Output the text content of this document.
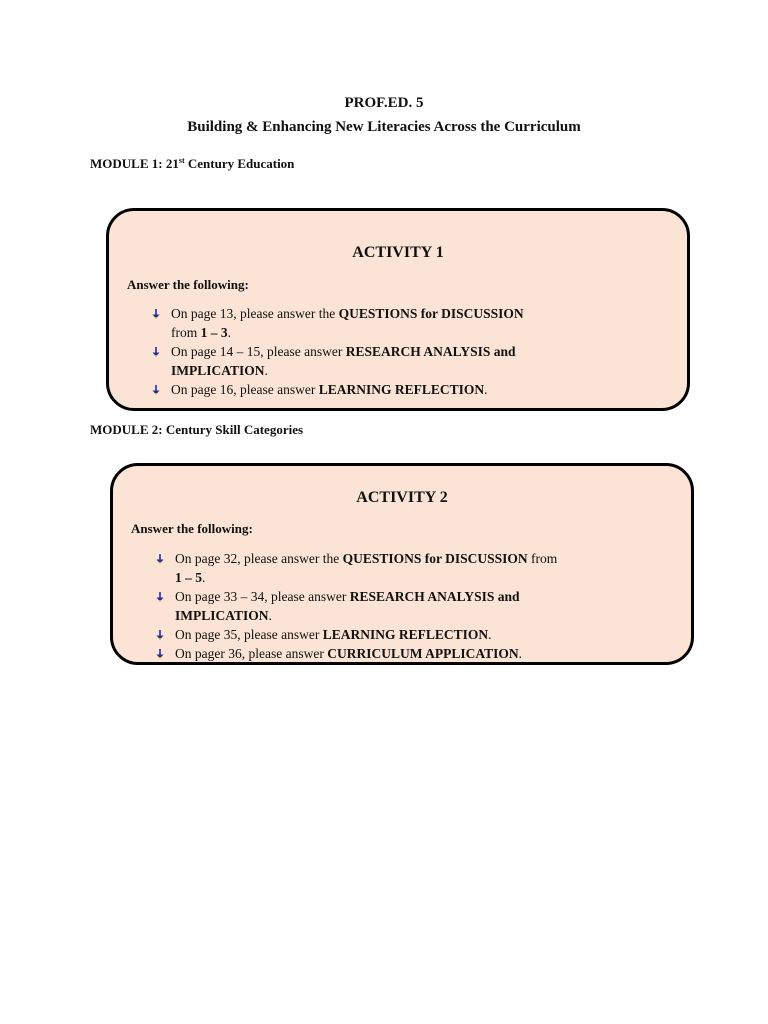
PROF.ED. 5
Building & Enhancing New Literacies Across the Curriculum
MODULE 1: 21st Century Education
ACTIVITY 1
Answer the following:
On page 13, please answer the QUESTIONS for DISCUSSION from 1 – 3.
On page 14 – 15, please answer RESEARCH ANALYSIS and IMPLICATION.
On page 16, please answer LEARNING REFLECTION.
MODULE 2: Century Skill Categories
ACTIVITY 2
Answer the following:
On page 32, please answer the QUESTIONS for DISCUSSION from 1 – 5.
On page 33 – 34, please answer RESEARCH ANALYSIS and IMPLICATION.
On page 35, please answer LEARNING REFLECTION.
On pager 36, please answer CURRICULUM APPLICATION.
